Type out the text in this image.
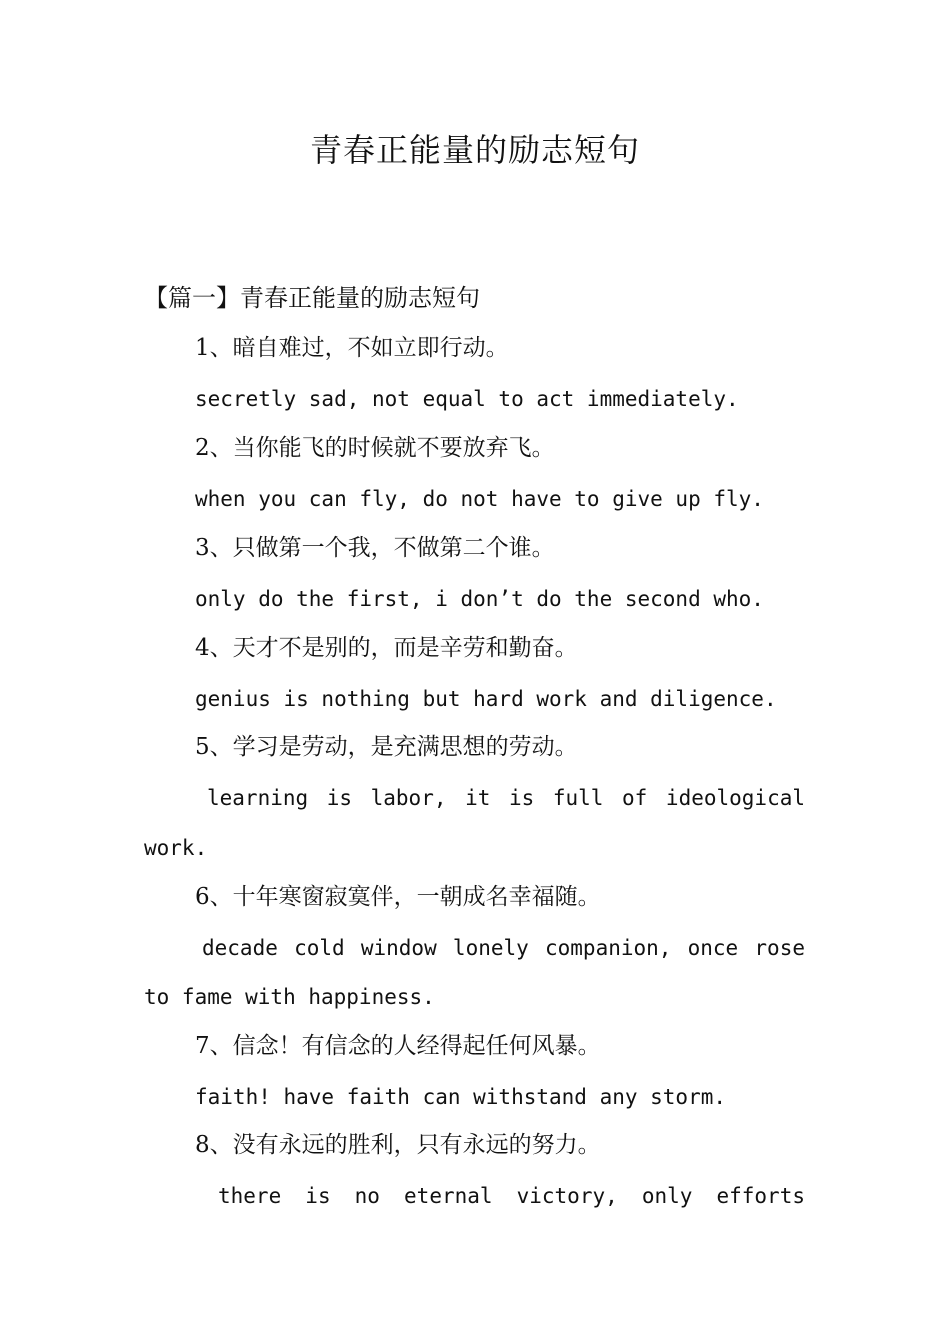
青春正能量的励志短句
【篇一】青春正能量的励志短句
1、暗自难过，不如立即行动。
secretly sad, not equal to act immediately.
2、当你能飞的时候就不要放弃飞。
when you can fly, do not have to give up fly.
3、只做第一个我，不做第二个谁。
only do the first, i don’t do the second who.
4、天才不是别的，而是辛劳和勤奋。
genius is nothing but hard work and diligence.
5、学习是劳动，是充满思想的劳动。
learning is labor, it is full of ideological
work.
6、十年寒窗寂寞伴，一朝成名幸福随。
decade cold window lonely companion, once rose
to fame with happiness.
7、信念！有信念的人经得起任何风暴。
faith! have faith can withstand any storm.
8、没有永远的胜利，只有永远的努力。
there is no eternal victory, only efforts
